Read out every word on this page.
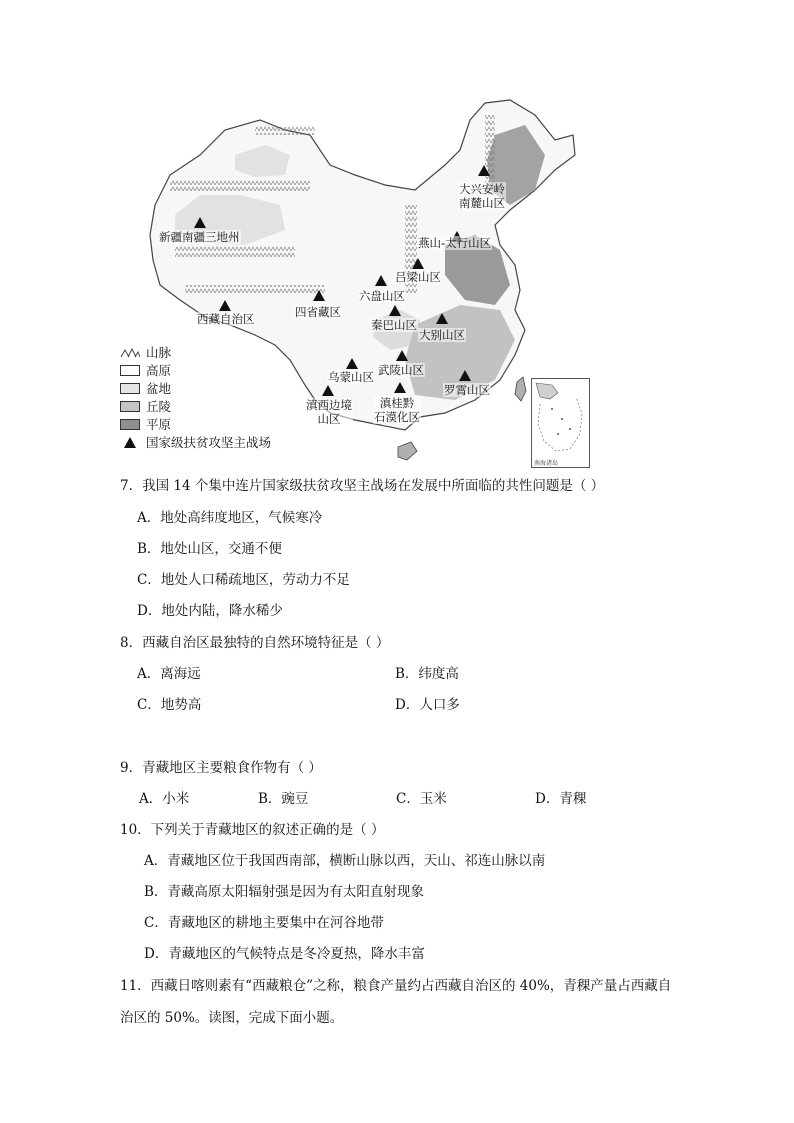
南海诸岛
大兴安岭
南麓山区
新疆南疆三地州	燕山-太行山区
吕梁山区
六盘山区
四省藏区
西藏自治区	秦巴山区
大别山区
乌蒙山区 武陵山区
罗霄山区
滇西边境
山区
滇桂黔
石漠化区
山脉
高原
盆地
丘陵
平原
国家级扶贫攻坚主战场
7．我国 14 个集中连片国家级扶贫攻坚主战场在发展中所面临的共性问题是（ ）
A．地处高纬度地区，气候寒冷
B．地处山区，交通不便
C．地处人口稀疏地区，劳动力不足
D．地处内陆，降水稀少
8．西藏自治区最独特的自然环境特征是（ ）
A．离海远	B．纬度高
C．地势高	D．人口多
9．青藏地区主要粮食作物有（ ）
A．小米	B．豌豆	C．玉米	D．青稞
10．下列关于青藏地区的叙述正确的是（ ）
A．青藏地区位于我国西南部，横断山脉以西，天山、祁连山脉以南
B．青藏高原太阳辐射强是因为有太阳直射现象
C．青藏地区的耕地主要集中在河谷地带
D．青藏地区的气候特点是冬冷夏热，降水丰富
11．西藏日喀则素有“西藏粮仓”之称，粮食产量约占西藏自治区的 40%，青稞产量占西藏自
治区的 50%。读图，完成下面小题。
